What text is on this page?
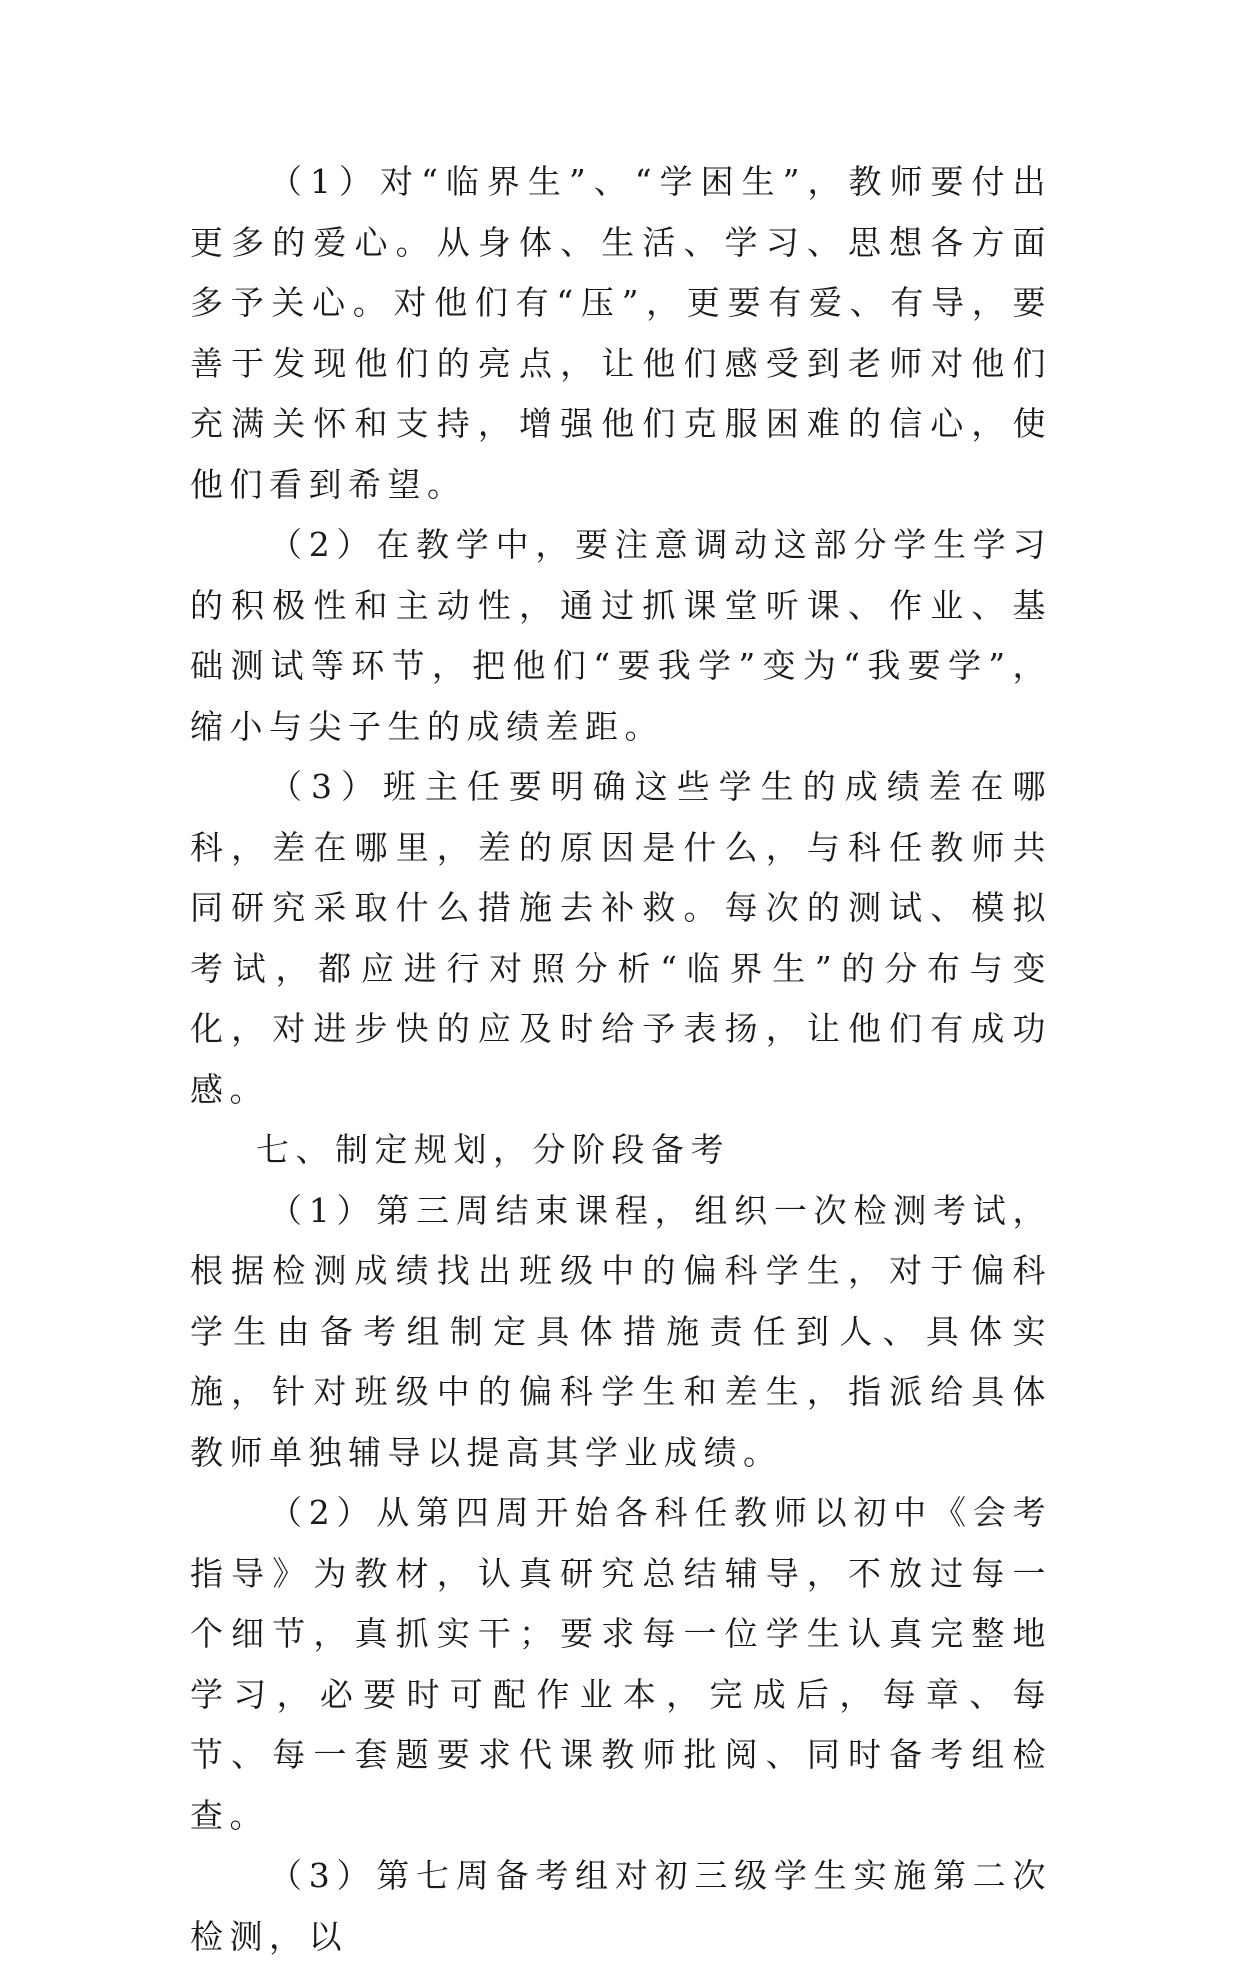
（1）对“临界生”、“学困生”，教师要付出更多的爱心。从身体、生活、学习、思想各方面多予关心。对他们有“压”，更要有爱、有导，要善于发现他们的亮点，让他们感受到老师对他们充满关怀和支持，增强他们克服困难的信心，使他们看到希望。

（2）在教学中，要注意调动这部分学生学习的积极性和主动性，通过抓课堂听课、作业、基础测试等环节，把他们“要我学”变为“我要学”，缩小与尖子生的成绩差距。

（3）班主任要明确这些学生的成绩差在哪科，差在哪里，差的原因是什么，与科任教师共同研究采取什么措施去补救。每次的测试、模拟考试，都应进行对照分析“临界生”的分布与变化，对进步快的应及时给予表扬，让他们有成功感。

七、制定规划，分阶段备考

（1）第三周结束课程，组织一次检测考试，根据检测成绩找出班级中的偏科学生，对于偏科学生由备考组制定具体措施责任到人、具体实施，针对班级中的偏科学生和差生，指派给具体教师单独辅导以提高其学业成绩。

（2）从第四周开始各科任教师以初中《会考指导》为教材，认真研究总结辅导，不放过每一个细节，真抓实干；要求每一位学生认真完整地学习，必要时可配作业本，完成后，每章、每节、每一套题要求代课教师批阅、同时备考组检查。

（3）第七周备考组对初三级学生实施第二次检测，以
